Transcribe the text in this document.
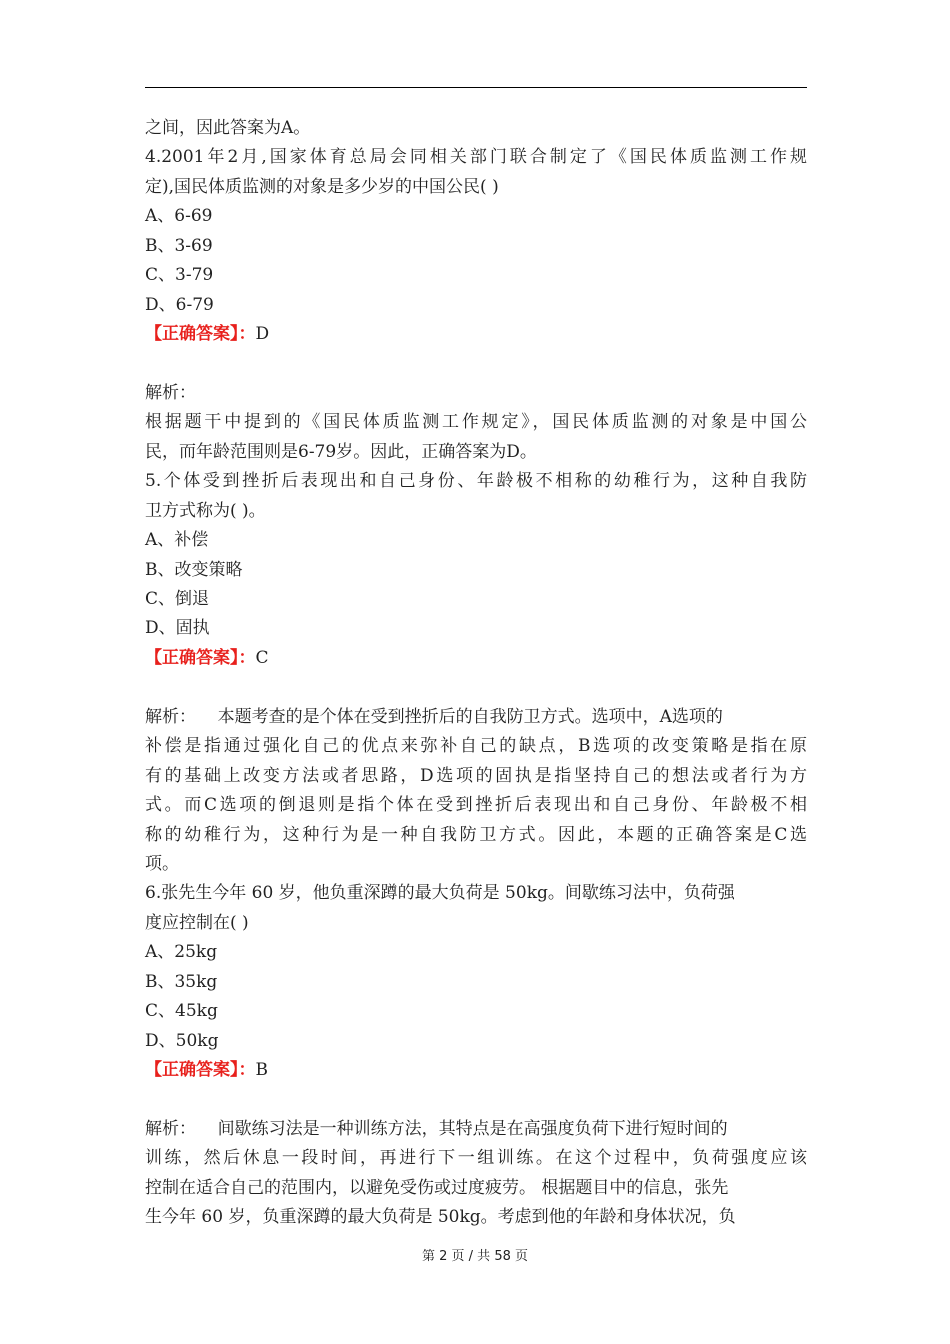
之间，因此答案为A。
4.2001年2月,国家体育总局会同相关部门联合制定了《国民体质监测工作规
定),国民体质监测的对象是多少岁的中国公民( )
A、6-69
B、3-69
C、3-79
D、6-79
【正确答案】：D
解析：
根据题干中提到的《国民体质监测工作规定》，国民体质监测的对象是中国公
民，而年龄范围则是6-79岁。因此，正确答案为D。
5.个体受到挫折后表现出和自己身份、年龄极不相称的幼稚行为，这种自我防
卫方式称为( )。
A、补偿
B、改变策略
C、倒退
D、固执
【正确答案】：C
解析：    本题考查的是个体在受到挫折后的自我防卫方式。选项中，A选项的
补偿是指通过强化自己的优点来弥补自己的缺点，B选项的改变策略是指在原
有的基础上改变方法或者思路，D选项的固执是指坚持自己的想法或者行为方
式。而C选项的倒退则是指个体在受到挫折后表现出和自己身份、年龄极不相
称的幼稚行为，这种行为是一种自我防卫方式。因此，本题的正确答案是C选
项。
6.张先生今年 60 岁，他负重深蹲的最大负荷是 50kg。间歇练习法中，负荷强
度应控制在( )
A、25kg
B、35kg
C、45kg
D、50kg
【正确答案】：B
解析：    间歇练习法是一种训练方法，其特点是在高强度负荷下进行短时间的
训练，然后休息一段时间，再进行下一组训练。在这个过程中，负荷强度应该
控制在适合自己的范围内，以避免受伤或过度疲劳。 根据题目中的信息，张先
生今年 60 岁，负重深蹲的最大负荷是 50kg。考虑到他的年龄和身体状况，负
第 2 页 / 共 58 页
